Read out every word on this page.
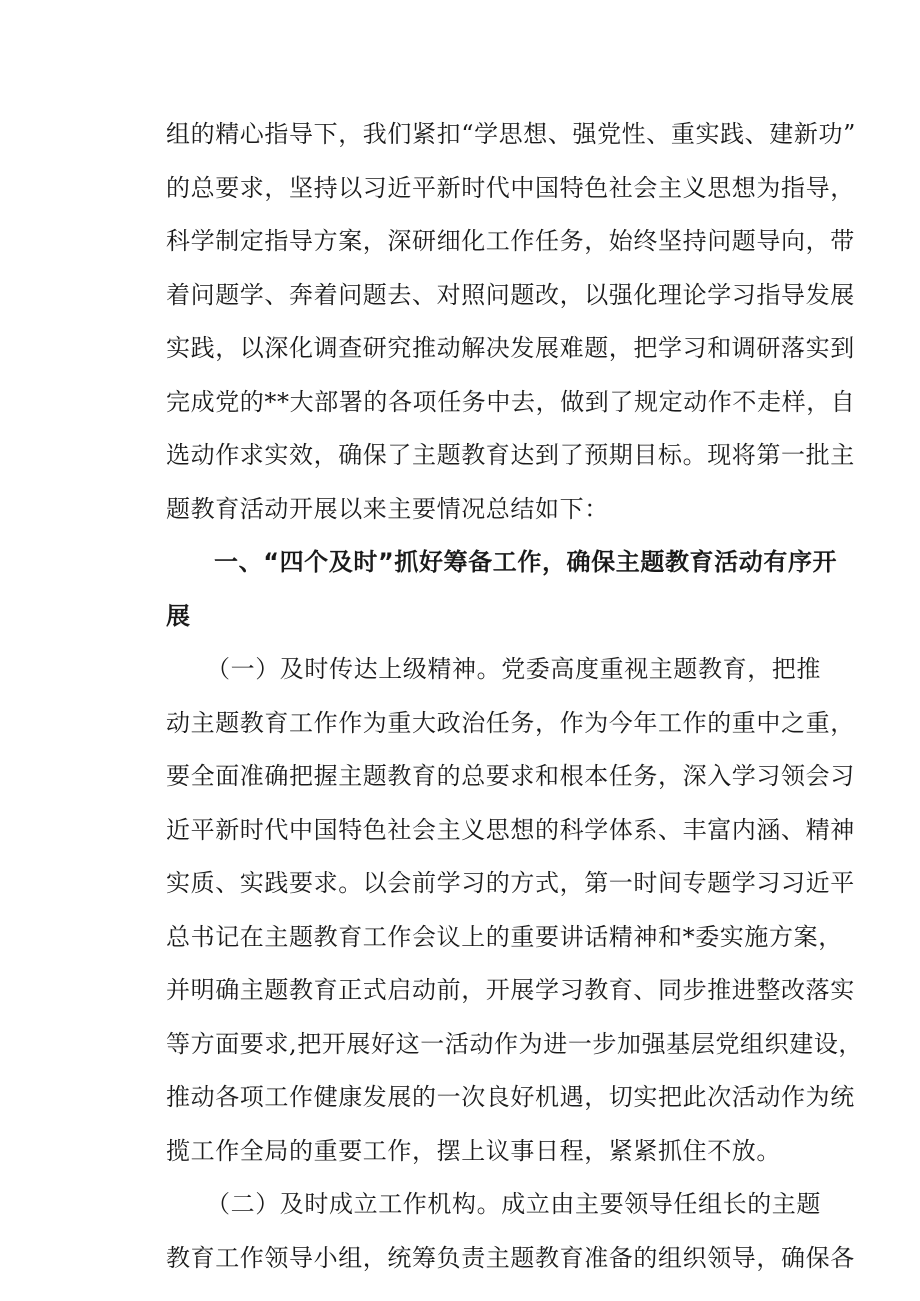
组的精心指导下，我们紧扣“学思想、强党性、重实践、建新功”
的总要求，坚持以习近平新时代中国特色社会主义思想为指导，
科学制定指导方案，深研细化工作任务，始终坚持问题导向，带
着问题学、奔着问题去、对照问题改，以强化理论学习指导发展
实践，以深化调查研究推动解决发展难题，把学习和调研落实到
完成党的**大部署的各项任务中去，做到了规定动作不走样，自
选动作求实效，确保了主题教育达到了预期目标。现将第一批主
题教育活动开展以来主要情况总结如下：
一、“四个及时”抓好筹备工作，确保主题教育活动有序开
展
（一）及时传达上级精神。党委高度重视主题教育，把推
动主题教育工作作为重大政治任务，作为今年工作的重中之重，
要全面准确把握主题教育的总要求和根本任务，深入学习领会习
近平新时代中国特色社会主义思想的科学体系、丰富内涵、精神
实质、实践要求。以会前学习的方式，第一时间专题学习习近平
总书记在主题教育工作会议上的重要讲话精神和*委实施方案，
并明确主题教育正式启动前，开展学习教育、同步推进整改落实
等方面要求,把开展好这一活动作为进一步加强基层党组织建设，
推动各项工作健康发展的一次良好机遇，切实把此次活动作为统
揽工作全局的重要工作，摆上议事日程，紧紧抓住不放。
（二）及时成立工作机构。成立由主要领导任组长的主题
教育工作领导小组，统筹负责主题教育准备的组织领导，确保各
